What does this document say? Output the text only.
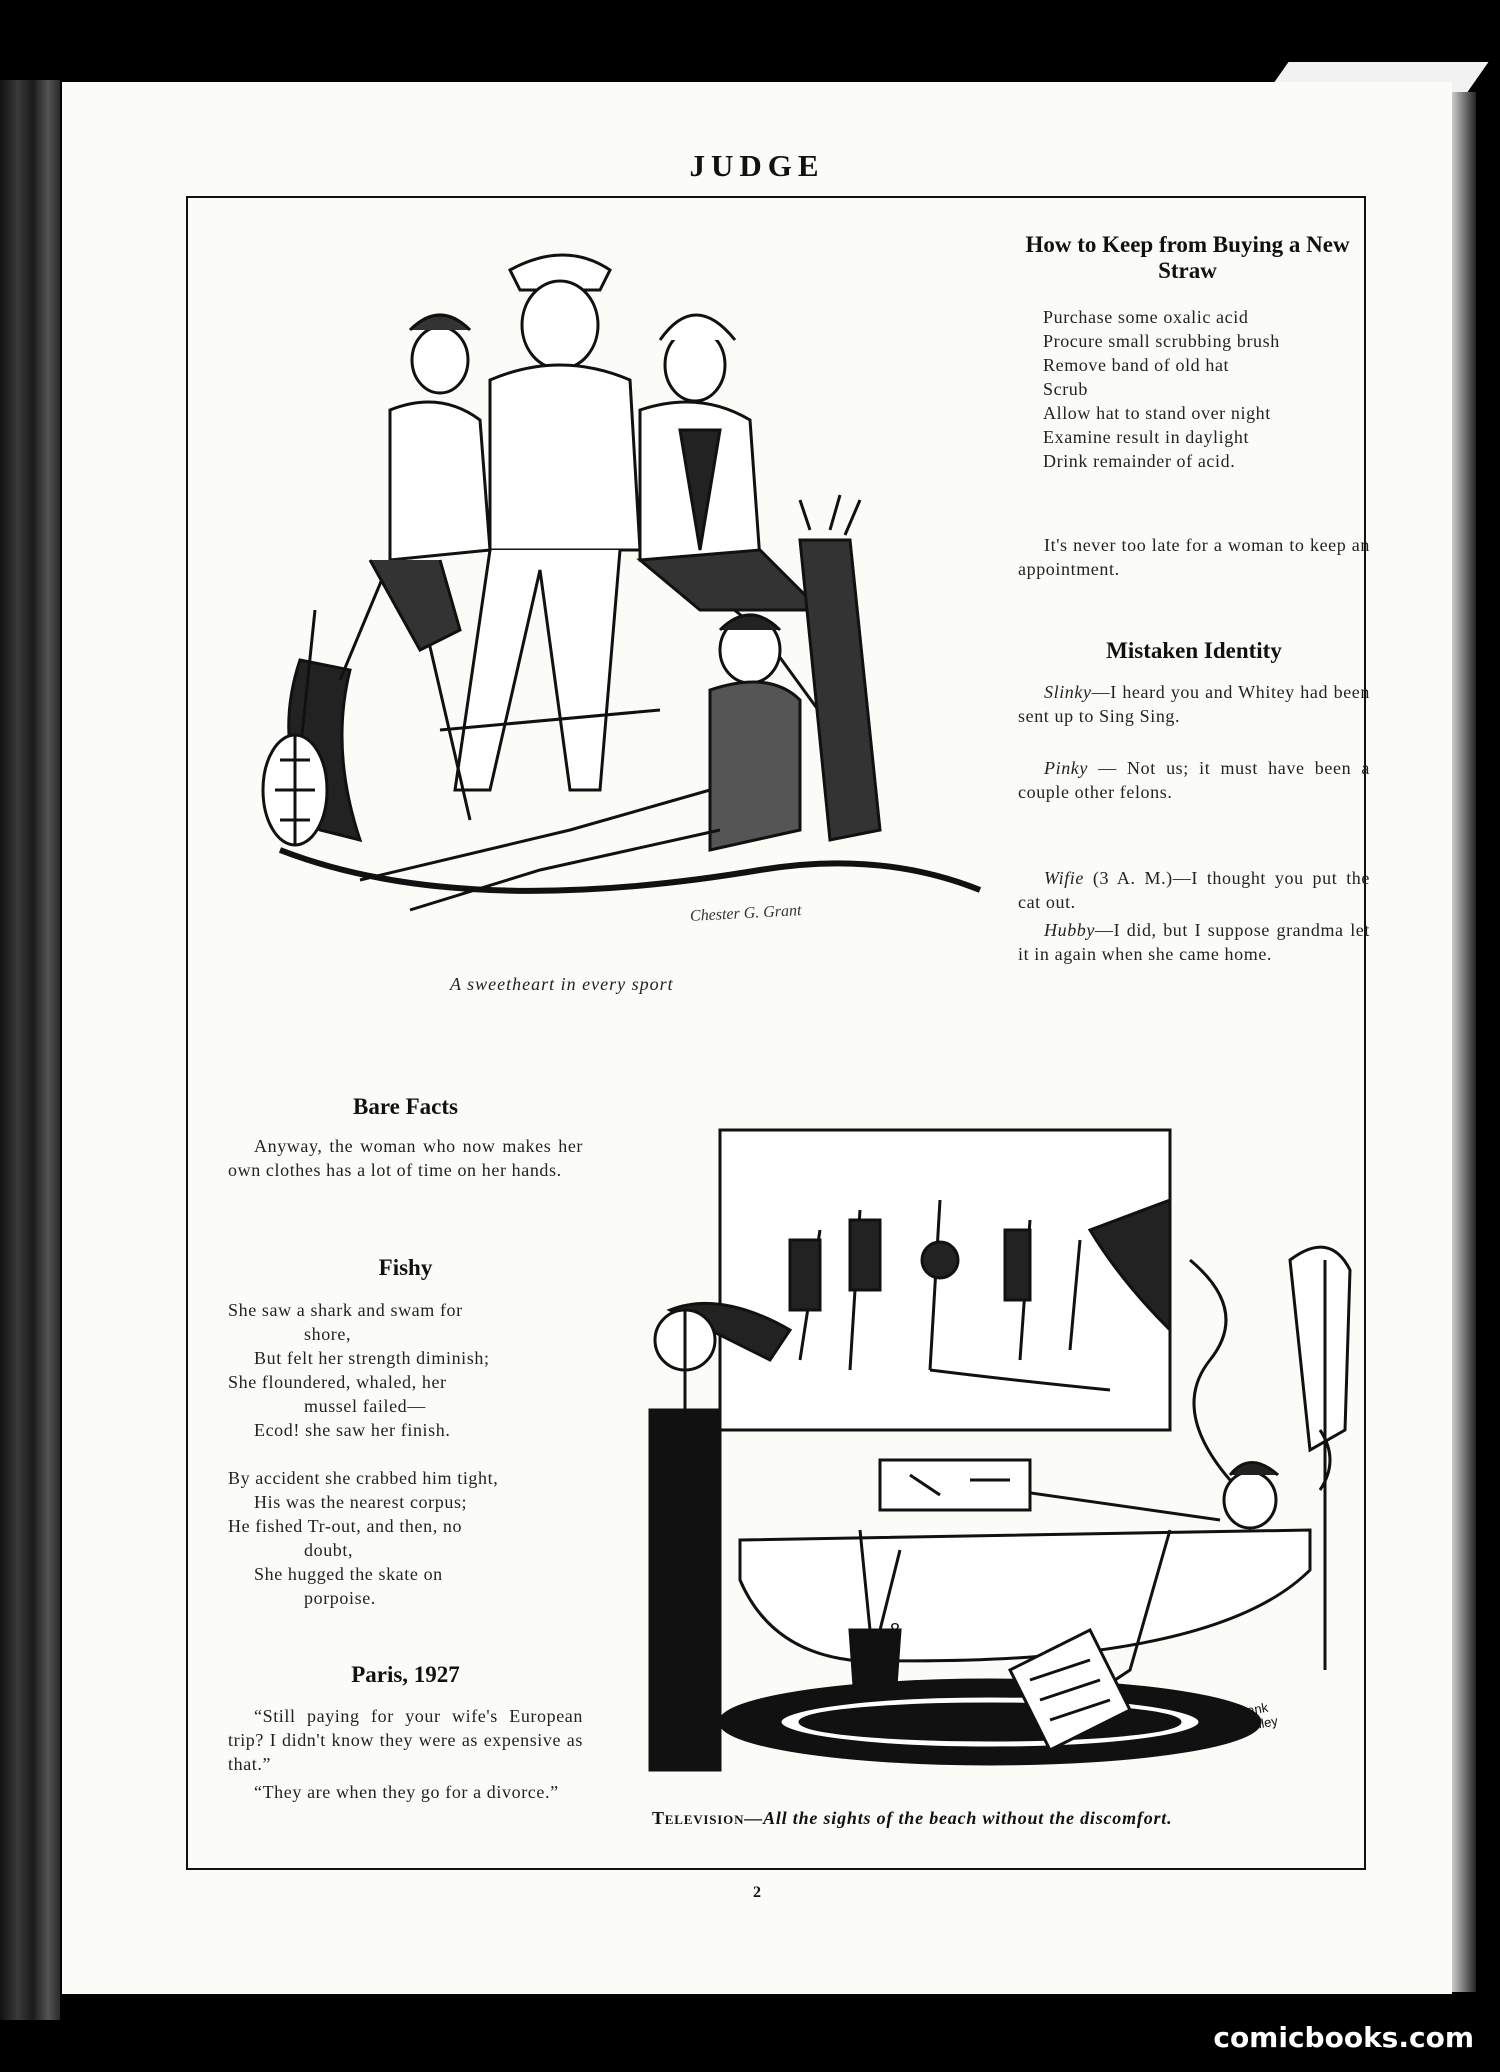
JUDGE
Chester G. Grant
A sweetheart in every sport
How to Keep from Buying a New Straw
Purchase some oxalic acid
Procure small scrubbing brush
Remove band of old hat
Scrub
Allow hat to stand over night
Examine result in daylight
Drink remainder of acid.
It's never too late for a woman to keep an appointment.
Mistaken Identity
Slinky—I heard you and Whitey had been sent up to Sing Sing.
Pinky — Not us; it must have been a couple other felons.
Wifie (3 A. M.)—I thought you put the cat out.
Hubby—I did, but I suppose grandma let it in again when she came home.
Bare Facts
Anyway, the woman who now makes her own clothes has a lot of time on her hands.
Fishy
She saw a shark and swam for
shore,
But felt her strength diminish;
She floundered, whaled, her
mussel failed—
Ecod! she saw her finish.
By accident she crabbed him tight,
His was the nearest corpus;
He fished Tr-out, and then, no
doubt,
She hugged the skate on
porpoise.
Paris, 1927
“Still paying for your wife's European trip? I didn't know they were as expensive as that.”
“They are when they go for a divorce.”
8
Frank Hanley
Television—All the sights of the beach without the discomfort.
2
comicbooks.com
